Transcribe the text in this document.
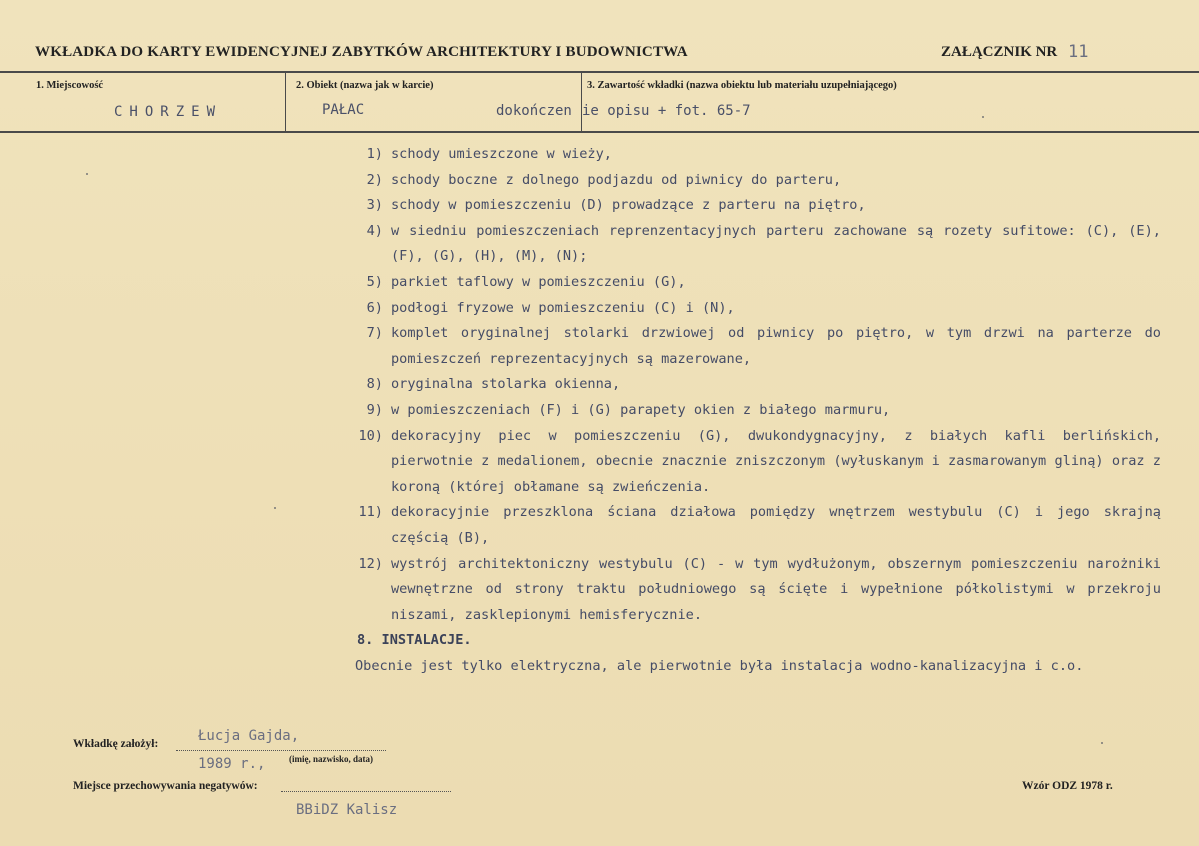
WKŁADKA DO KARTY EWIDENCYJNEJ ZABYTKÓW ARCHITEKTURY I BUDOWNICTWA	ZAŁĄCZNIK NR 11
1. Miejscowość	2. Obiekt (nazwa jak w karcie)	3. Zawartość wkładki (nazwa obiektu lub materiału uzupełniającego)
CHORZEW	PAŁAC	dokończen ie opisu + fot. 65-7
1) schody umieszczone w wieży,
2) schody boczne z dolnego podjazdu od piwnicy do parteru,
3) schody w pomieszczeniu (D) prowadzące z parteru na piętro,
4) w siedniu pomieszczeniach reprenzentacyjnych parteru zachowane są rozety sufitowe: (C), (E), (F), (G), (H), (M), (N);
5) parkiet taflowy w pomieszczeniu (G),
6) podłogi fryzowe w pomieszczeniu (C) i (N),
7) komplet oryginalnej stolarki drzwiowej od piwnicy po piętro, w tym drzwi na parterze do pomieszczeń reprezentacyjnych są mazerowane,
8) oryginalna stolarka okienna,
9) w pomieszczeniach (F) i (G) parapety okien z białego marmuru,
10) dekoracyjny piec w pomieszczeniu (G), dwukondygnacyjny, z białych kafli berlińskich, pierwotnie z medalionem, obecnie znacznie zniszczonym (wyłuskanym i zasmarowanym gliną) oraz z koroną (której obłamane są zwieńczenia.
11) dekoracyjnie przeszklona ściana działowa pomiędzy wnętrzem westybulu (C) i jego skrajną częścią (B),
12) wystrój architektoniczny westybulu (C) - w tym wydłużonym, obszernym pomieszczeniu narożniki wewnętrzne od strony traktu południowego są ścięte i wypełnione półkolistymi w przekroju niszami, zasklepionymi hemisferycznie.
8. INSTALACJE.
Obecnie jest tylko elektryczna, ale pierwotnie była instalacja wodno-kanalizacyjna i c.o.
Wkładkę założył:	Łucja Gajda,
1989 r.,	(imię, nazwisko, data)
Miejsce przechowywania negatywów:
BBiDZ Kalisz
Wzór ODZ 1978 r.
